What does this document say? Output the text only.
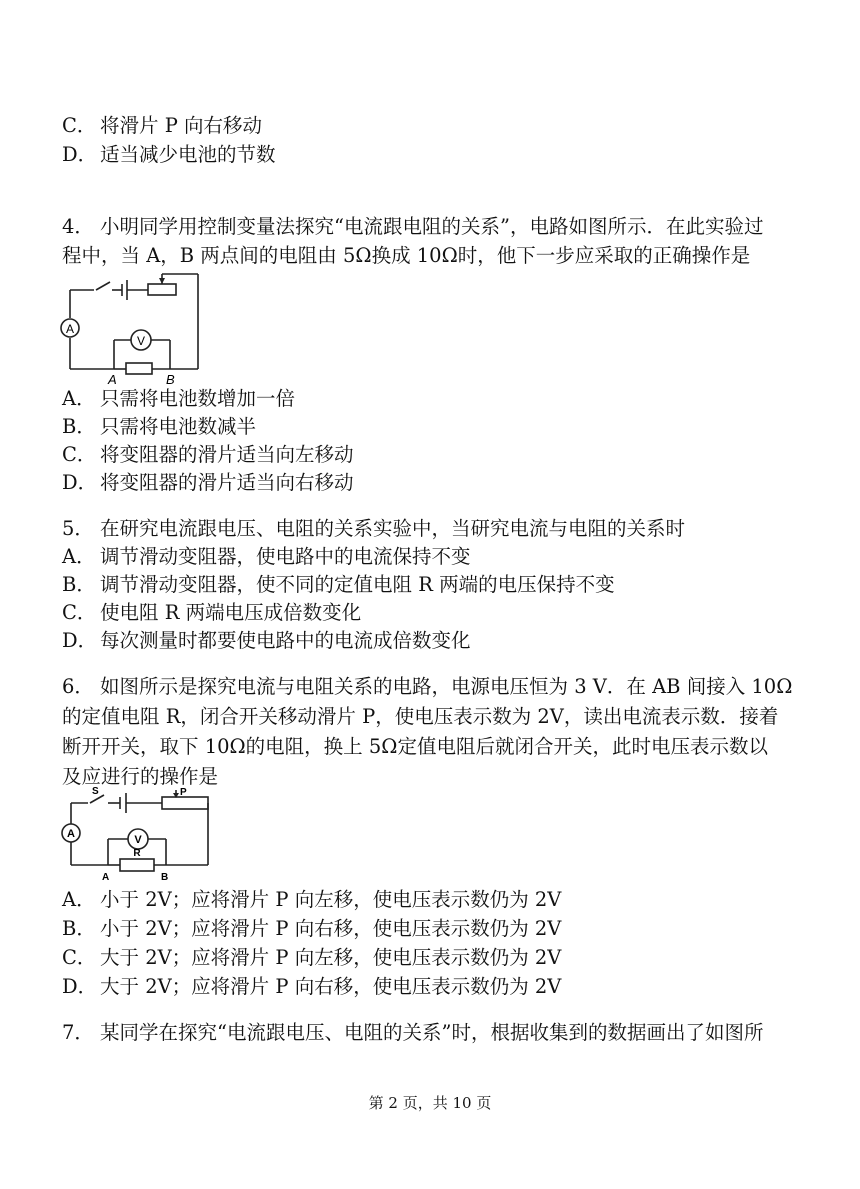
C． 将滑片 P 向右移动
D． 适当减少电池的节数
4． 小明同学用控制变量法探究“电流跟电阻的关系”，电路如图所示．在此实验过
程中，当 A，B 两点间的电阻由 5Ω换成 10Ω时，他下一步应采取的正确操作是
A
V
A	B
A． 只需将电池数增加一倍
B． 只需将电池数减半
C． 将变阻器的滑片适当向左移动
D． 将变阻器的滑片适当向右移动
5． 在研究电流跟电压、电阻的关系实验中，当研究电流与电阻的关系时
A． 调节滑动变阻器，使电路中的电流保持不变
B． 调节滑动变阻器，使不同的定值电阻 R 两端的电压保持不变
C． 使电阻 R 两端电压成倍数变化
D． 每次测量时都要使电路中的电流成倍数变化
6． 如图所示是探究电流与电阻关系的电路，电源电压恒为 3 V．在 AB 间接入 10Ω
的定值电阻 R，闭合开关移动滑片 P，使电压表示数为 2V，读出电流表示数．接着
断开开关，取下 10Ω的电阻，换上 5Ω定值电阻后就闭合开关，此时电压表示数以
及应进行的操作是
S	P
A	V
R
A	B
A． 小于 2V；应将滑片 P 向左移，使电压表示数仍为 2V
B． 小于 2V；应将滑片 P 向右移，使电压表示数仍为 2V
C． 大于 2V；应将滑片 P 向左移，使电压表示数仍为 2V
D． 大于 2V；应将滑片 P 向右移，使电压表示数仍为 2V
7． 某同学在探究“电流跟电压、电阻的关系”时，根据收集到的数据画出了如图所
第 2 页，共 10 页
